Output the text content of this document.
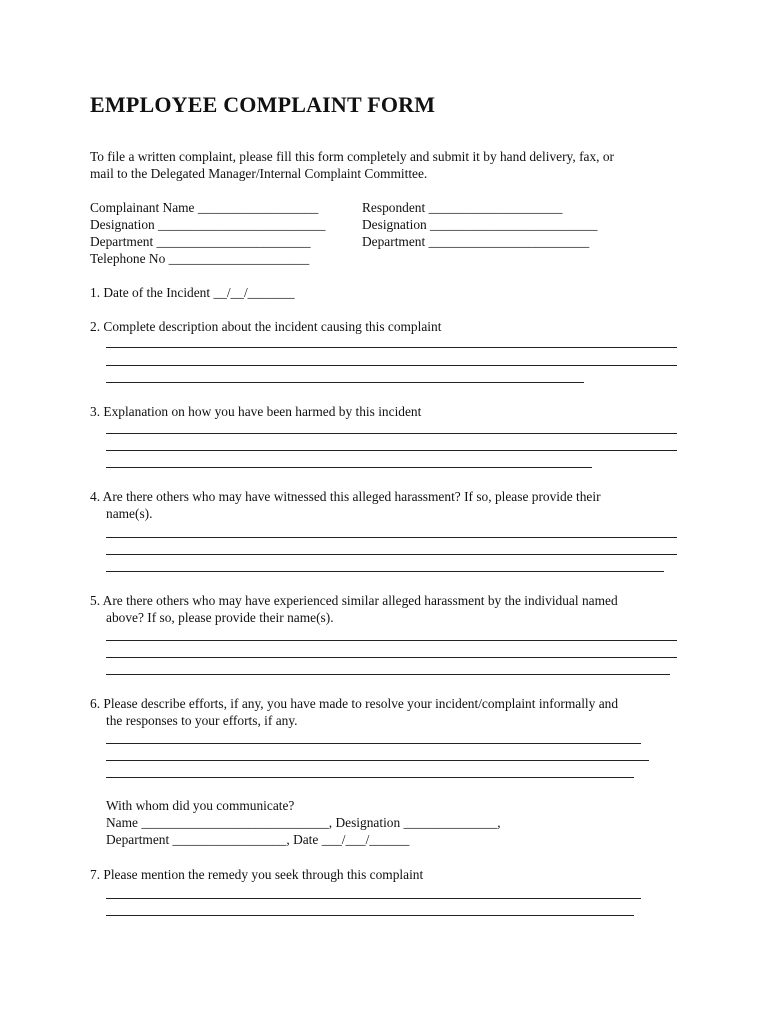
EMPLOYEE COMPLAINT FORM
To file a written complaint, please fill this form completely and submit it by hand delivery, fax, or
mail to the Delegated Manager/Internal Complaint Committee.
Complainant Name __________________
Designation _________________________
Department _______________________
Telephone No _____________________
Respondent ____________________
Designation _________________________
Department ________________________
1. Date of the Incident __/__/_______
2. Complete description about the incident causing this complaint
3. Explanation on how you have been harmed by this incident
4. Are there others who may have witnessed this alleged harassment? If so, please provide their
name(s).
5. Are there others who may have experienced similar alleged harassment by the individual named
above? If so, please provide their name(s).
6. Please describe efforts, if any, you have made to resolve your incident/complaint informally and
the responses to your efforts, if any.
With whom did you communicate?
Name ____________________________, Designation ______________,
Department _________________, Date ___/___/______
7. Please mention the remedy you seek through this complaint
